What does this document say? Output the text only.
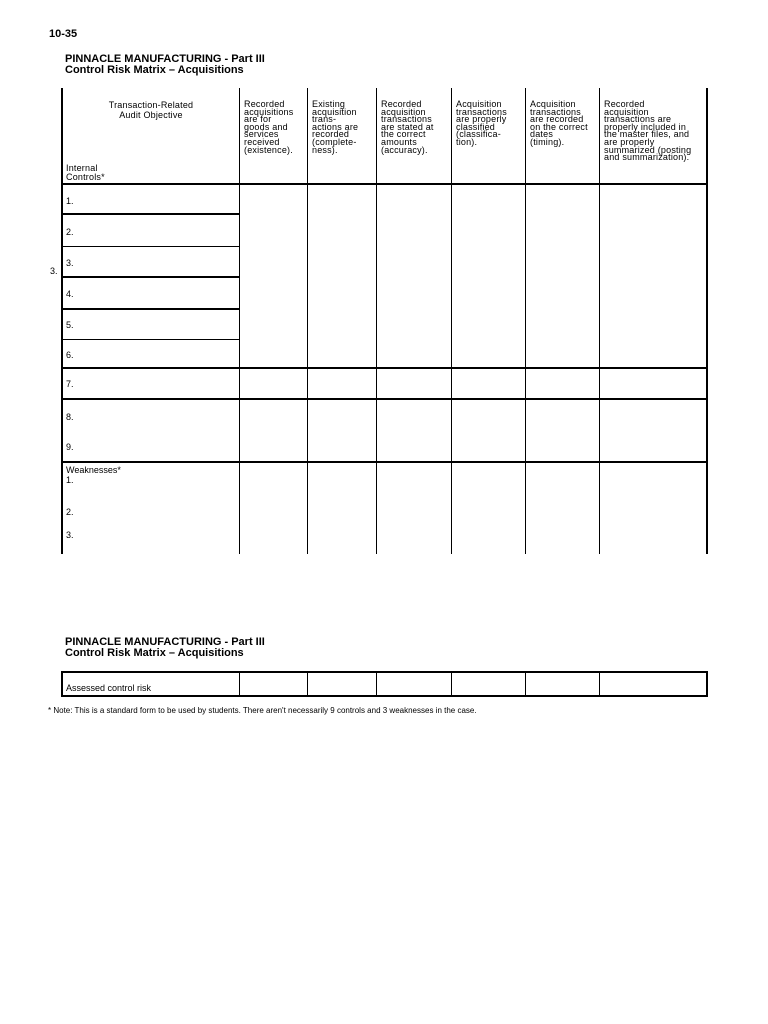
10-35
PINNACLE MANUFACTURING - Part III
Control Risk Matrix – Acquisitions
Transaction-Related
Audit Objective
Internal
Controls*
Recorded
acquisitions
are for
goods and
services
received
(existence).
Existing
acquisition
trans-
actions are
recorded
(complete-
ness).
Recorded
acquisition
transactions
are stated at
the correct
amounts
(accuracy).
Acquisition
transactions
are properly
classified
(classifica-
tion).
Acquisition
transactions
are recorded
on the correct
dates
(timing).
Recorded
acquisition
transactions are
properly included in
the master files, and
are properly
summarized (posting
and summarization).
3.
1.
2.
3.
4.
5.
6.
7.
8.
9.
Weaknesses*
1.
2.
3.
PINNACLE MANUFACTURING - Part III
Control Risk Matrix – Acquisitions
Assessed control risk
* Note: This is a standard form to be used by students. There aren't necessarily 9 controls and 3 weaknesses in the case.
